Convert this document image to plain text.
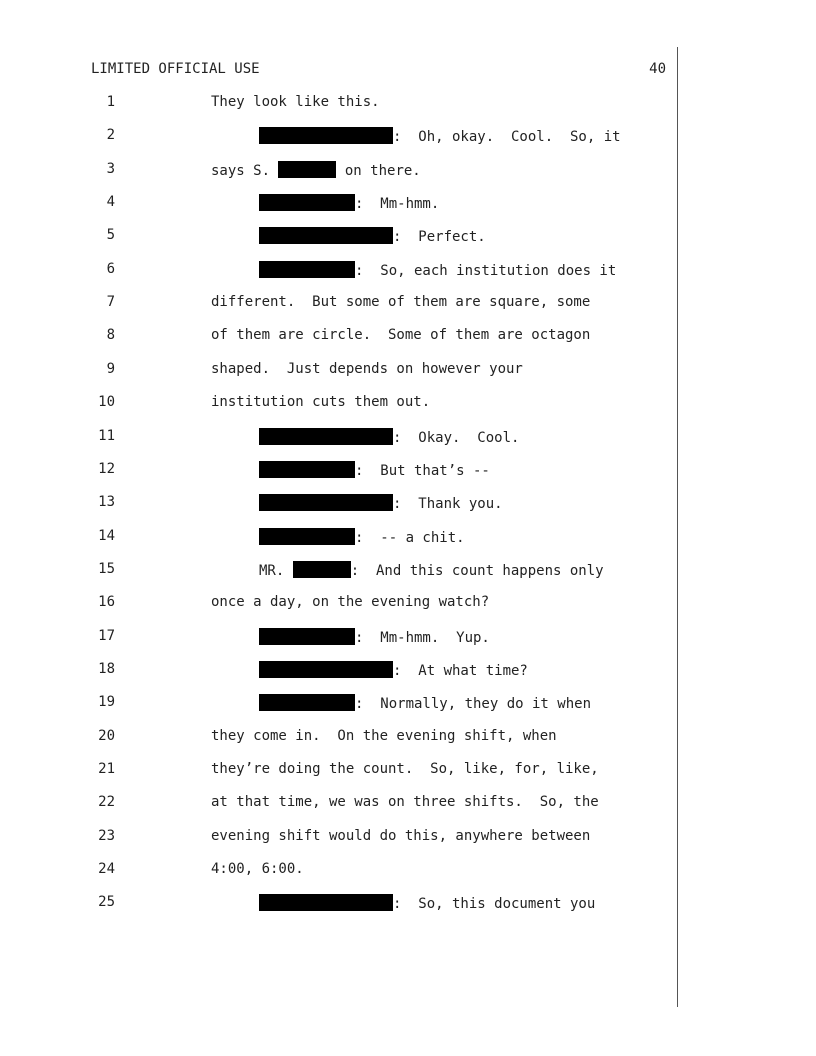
LIMITED OFFICIAL USE	40
1	They look like this.
2	:  Oh, okay.  Cool.  So, it
3	says S.	on there.
4	:  Mm-hmm.
5	:  Perfect.
6	:  So, each institution does it
7	different.  But some of them are square, some
8	of them are circle.  Some of them are octagon
9	shaped.  Just depends on however your
10	institution cuts them out.
11	:  Okay.  Cool.
12	:  But that’s --
13	:  Thank you.
14	:  -- a chit.
15	MR.	:  And this count happens only
16	once a day, on the evening watch?
17	:  Mm-hmm.  Yup.
18	:  At what time?
19	:  Normally, they do it when
20	they come in.  On the evening shift, when
21	they’re doing the count.  So, like, for, like,
22	at that time, we was on three shifts.  So, the
23	evening shift would do this, anywhere between
24	4:00, 6:00.
25	:  So, this document you
